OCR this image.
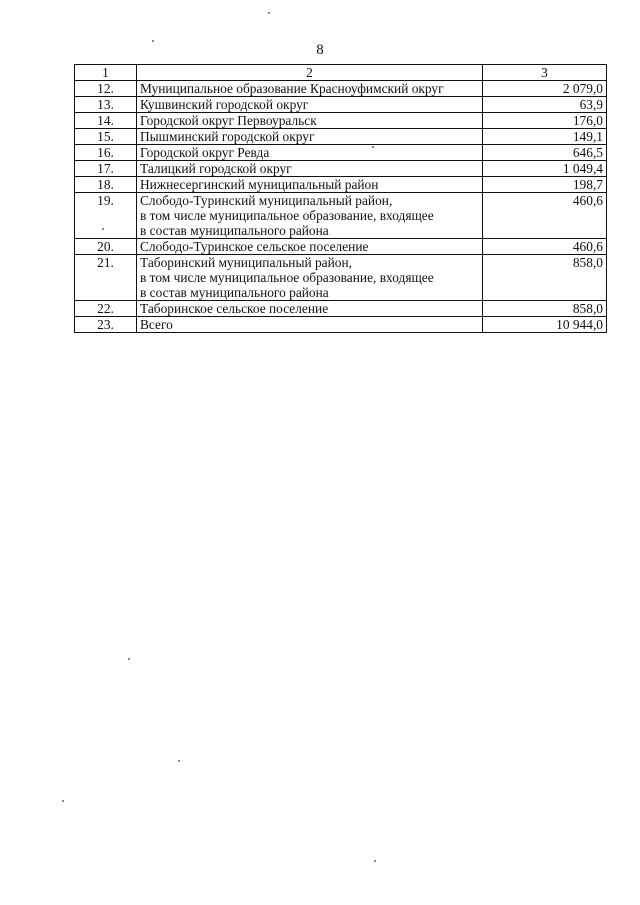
8
1	2	3
12.	Муниципальное образование Красноуфимский округ	2 079,0
13.	Кушвинский городской округ	63,9
14.	Городской округ Первоуральск	176,0
15.	Пышминский городской округ	149,1
16.	Городской округ Ревда	646,5
17.	Талицкий городской округ	1 049,4
18.	Нижнесергинский муниципальный район	198,7
19.	Слободо-Туринский муниципальный район,
в том числе муниципальное образование, входящее
в состав муниципального района	460,6
20.	Слободо-Туринское сельское поселение	460,6
21.	Таборинский муниципальный район,
в том числе муниципальное образование, входящее
в состав муниципального района	858,0
22.	Таборинское сельское поселение	858,0
23.	Всего	10 944,0
